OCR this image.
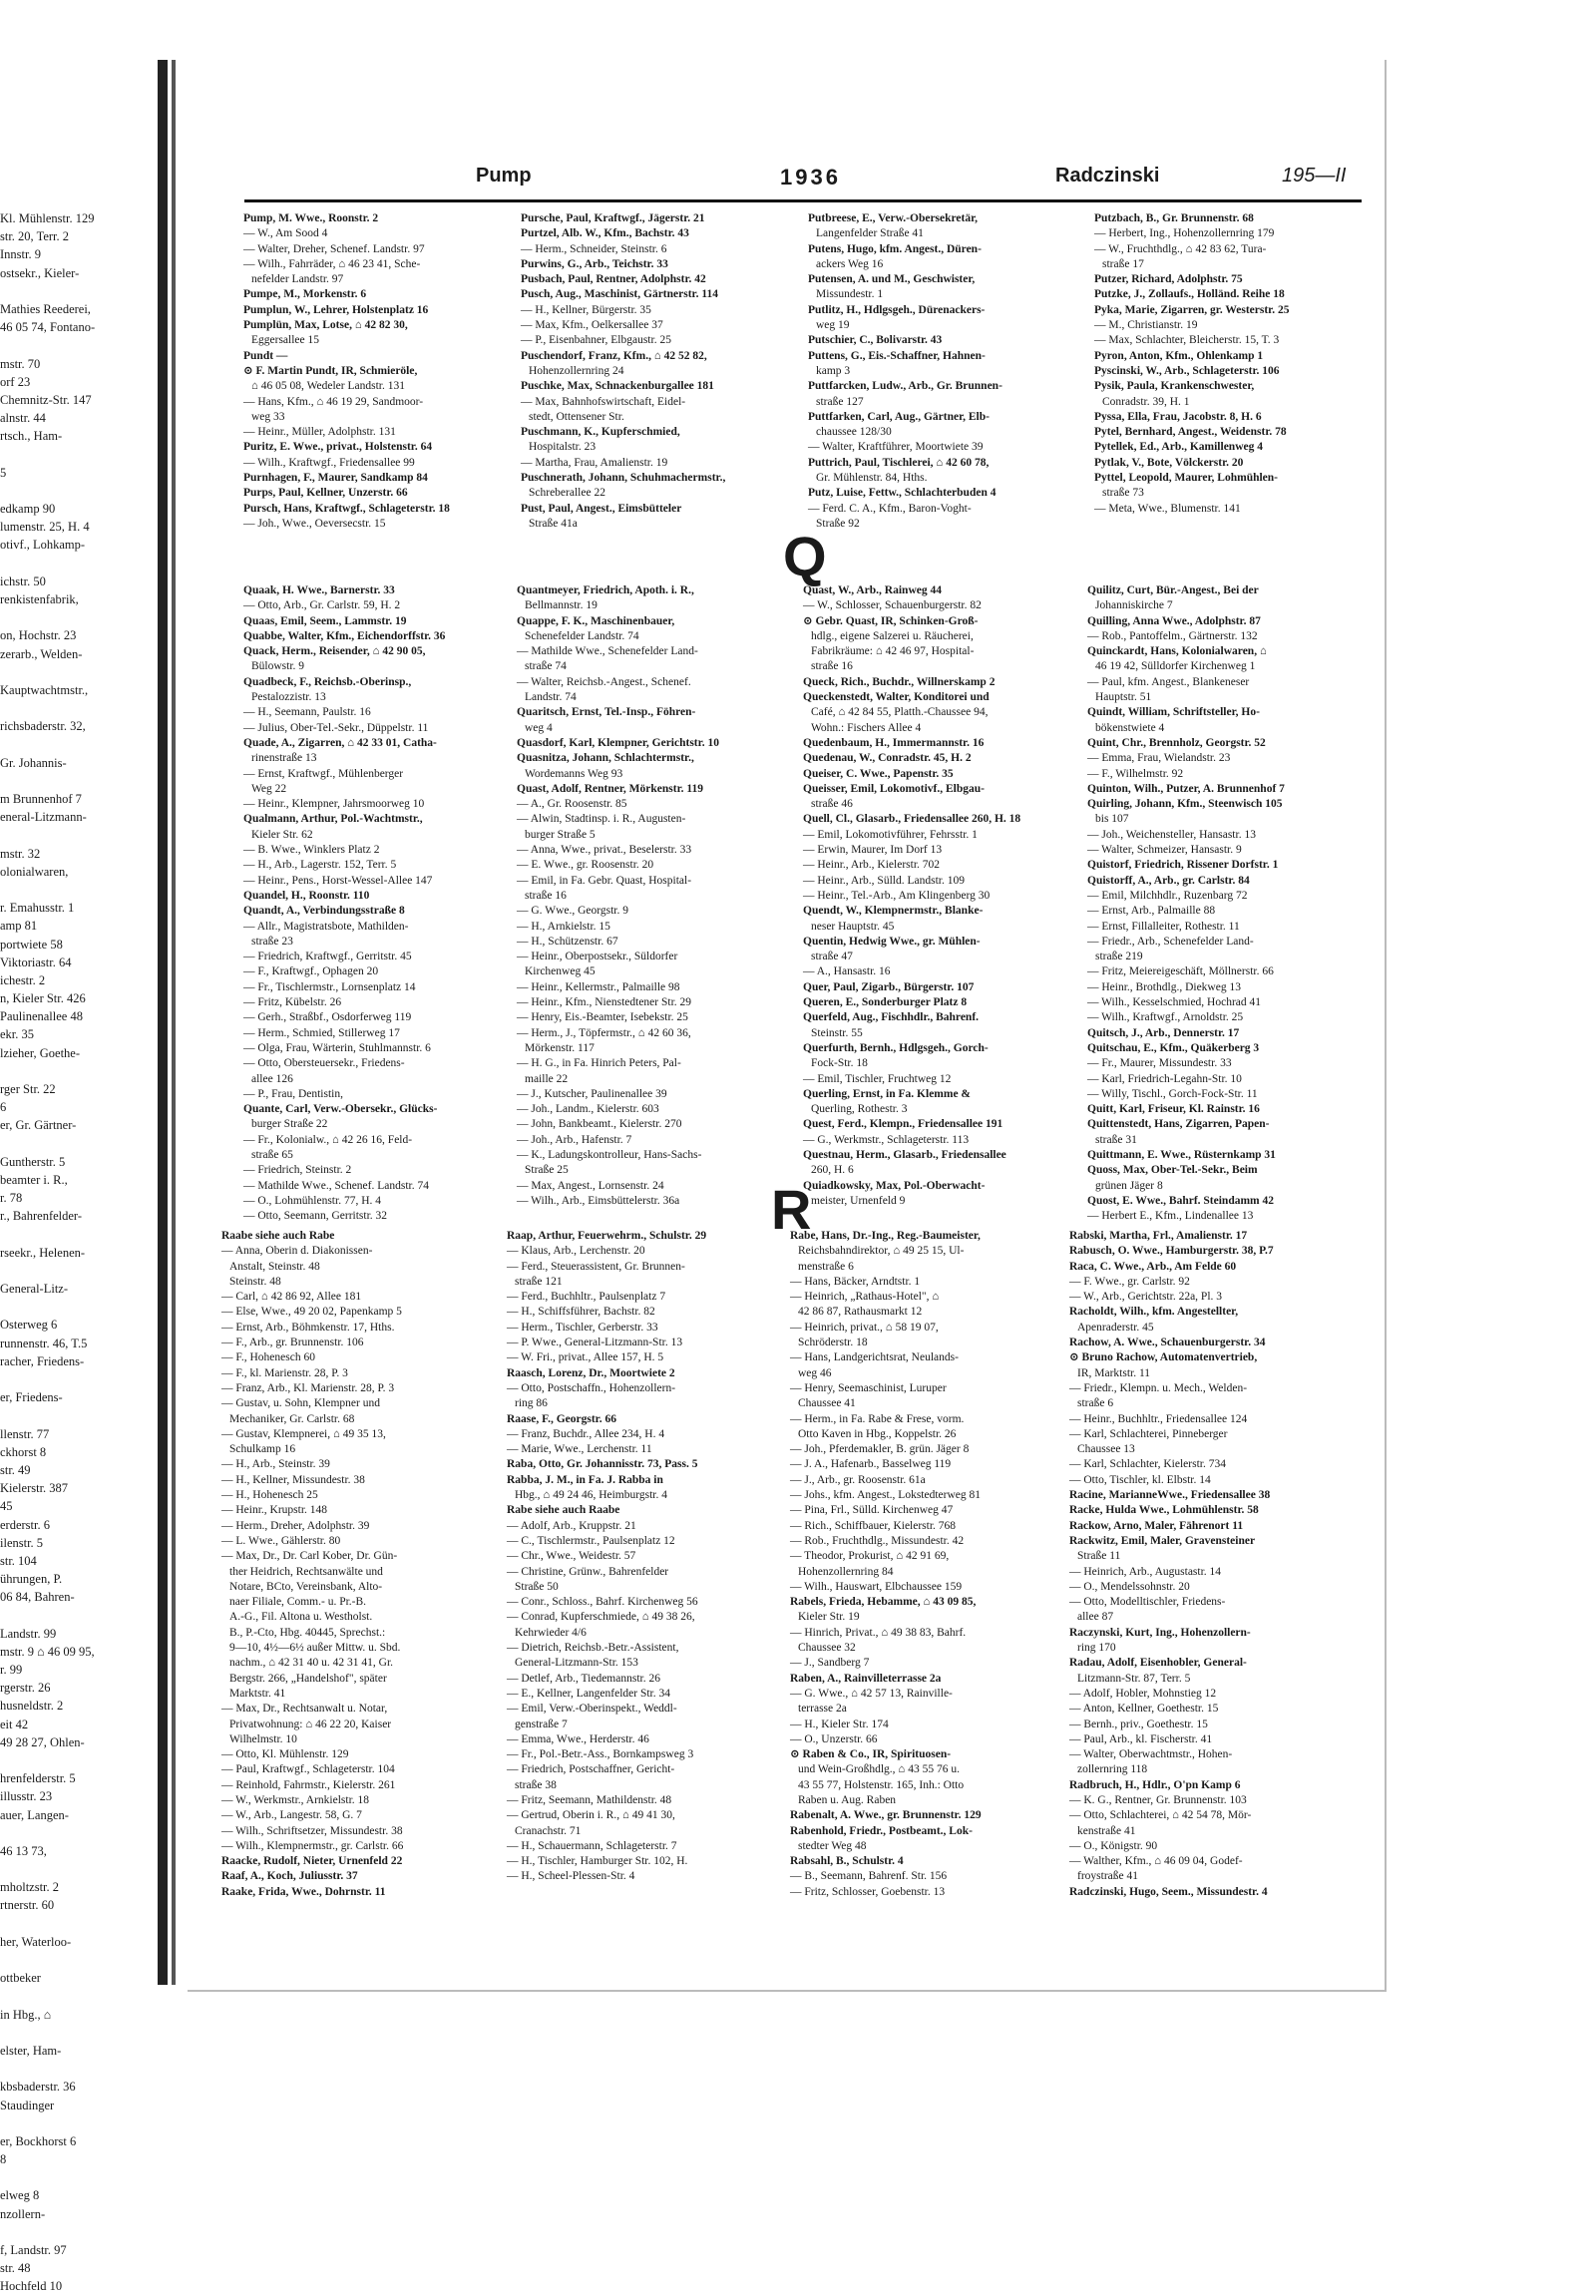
Kl. Mühlenstr. 129
str. 20, Terr. 2
Innstr. 9
ostsekr., Kieler-
Mathies Reederei,
46 05 74, Fontano-
mstr. 70
orf 23
Chemnitz-Str. 147
alnstr. 44
rtsch., Ham-
5
edkamp 90
lumenstr. 25, H. 4
otivf., Lohkamp-
ichstr. 50
renkistenfabrik,
on, Hochstr. 23
zerarb., Welden-
Kauptwachtmstr.,
richsbaderstr. 32,
Gr. Johannis-
m Brunnenhof 7
eneral-Litzmann-
mstr. 32
olonialwaren,
r. Emahusstr. 1
amp 81
portwiete 58
Viktoriastr. 64
ichestr. 2
n, Kieler Str. 426
Paulinenallee 48
ekr. 35
lzieher, Goethe-
rger Str. 22
6
er, Gr. Gärtner-
Guntherstr. 5
beamter i. R.,
r. 78
r., Bahrenfelder-
rseekr., Helenen-
General-Litz-
Osterweg 6
runnenstr. 46, T.5
racher, Friedens-
er, Friedens-
llenstr. 77
ckhorst 8
str. 49
Kielerstr. 387
45
erderstr. 6
ilenstr. 5
str. 104
ührungen, P.
06 84, Bahren-
Landstr. 99
mstr. 9 ⌂ 46 09 95,
r. 99
rgerstr. 26
husneldstr. 2
eit 42
49 28 27, Ohlen-
hrenfelderstr. 5
illusstr. 23
auer, Langen-
46 13 73,
mholtzstr. 2
rtnerstr. 60
her, Waterloo-
ottbeker
in Hbg., ⌂
elster, Ham-
kbsbaderstr. 36
Staudinger
er, Bockhorst 6
8
elweg 8
nzollern-
f, Landstr. 97
str. 48
Hochfeld 10
Pump	1936	Radczinski	195—II
Pump, M. Wwe., Roonstr. 2
— W., Am Sood 4
— Walter, Dreher, Schenef. Landstr. 97
— Wilh., Fahrräder, ⌂ 46 23 41, Sche-
nefelder Landstr. 97
Pumpe, M., Morkenstr. 6
Pumplun, W., Lehrer, Holstenplatz 16
Pumplün, Max, Lotse, ⌂ 42 82 30,
Eggersallee 15
Pundt —
⊙ F. Martin Pundt, IR, Schmieröle,
⌂ 46 05 08, Wedeler Landstr. 131
— Hans, Kfm., ⌂ 46 19 29, Sandmoor-
weg 33
— Heinr., Müller, Adolphstr. 131
Puritz, E. Wwe., privat., Holstenstr. 64
— Wilh., Kraftwgf., Friedensallee 99
Purnhagen, F., Maurer, Sandkamp 84
Purps, Paul, Kellner, Unzerstr. 66
Pursch, Hans, Kraftwgf., Schlageterstr. 18
— Joh., Wwe., Oeversecstr. 15
Pursche, Paul, Kraftwgf., Jägerstr. 21
Purtzel, Alb. W., Kfm., Bachstr. 43
— Herm., Schneider, Steinstr. 6
Purwins, G., Arb., Teichstr. 33
Pusbach, Paul, Rentner, Adolphstr. 42
Pusch, Aug., Maschinist, Gärtnerstr. 114
— H., Kellner, Bürgerstr. 35
— Max, Kfm., Oelkersallee 37
— P., Eisenbahner, Elbgaustr. 25
Puschendorf, Franz, Kfm., ⌂ 42 52 82,
Hohenzollernring 24
Puschke, Max, Schnackenburgallee 181
— Max, Bahnhofswirtschaft, Eidel-
stedt, Ottensener Str.
Puschmann, K., Kupferschmied,
Hospitalstr. 23
— Martha, Frau, Amalienstr. 19
Puschnerath, Johann, Schuhmachermstr.,
Schreberallee 22
Pust, Paul, Angest., Eimsbütteler
Straße 41a
Putbreese, E., Verw.-Obersekretär,
Langenfelder Straße 41
Putens, Hugo, kfm. Angest., Düren-
ackers Weg 16
Putensen, A. und M., Geschwister,
Missundestr. 1
Putlitz, H., Hdlgsgeh., Dürenackers-
weg 19
Putschier, C., Bolivarstr. 43
Puttens, G., Eis.-Schaffner, Hahnen-
kamp 3
Puttfarcken, Ludw., Arb., Gr. Brunnen-
straße 127
Puttfarken, Carl, Aug., Gärtner, Elb-
chaussee 128/30
— Walter, Kraftführer, Moortwiete 39
Puttrich, Paul, Tischlerei, ⌂ 42 60 78,
Gr. Mühlenstr. 84, Hths.
Putz, Luise, Fettw., Schlachterbuden 4
— Ferd. C. A., Kfm., Baron-Voght-
Straße 92
Putzbach, B., Gr. Brunnenstr. 68
— Herbert, Ing., Hohenzollernring 179
— W., Fruchthdlg., ⌂ 42 83 62, Tura-
straße 17
Putzer, Richard, Adolphstr. 75
Putzke, J., Zollaufs., Holländ. Reihe 18
Pyka, Marie, Zigarren, gr. Westerstr. 25
— M., Christianstr. 19
— Max, Schlachter, Bleicherstr. 15, T. 3
Pyron, Anton, Kfm., Ohlenkamp 1
Pyscinski, W., Arb., Schlageterstr. 106
Pysik, Paula, Krankenschwester,
Conradstr. 39, H. 1
Pyssa, Ella, Frau, Jacobstr. 8, H. 6
Pytel, Bernhard, Angest., Weidenstr. 78
Pytellek, Ed., Arb., Kamillenweg 4
Pytlak, V., Bote, Völckerstr. 20
Pyttel, Leopold, Maurer, Lohmühlen-
straße 73
— Meta, Wwe., Blumenstr. 141
Q
Quaak, H. Wwe., Barnerstr. 33
— Otto, Arb., Gr. Carlstr. 59, H. 2
Quaas, Emil, Seem., Lammstr. 19
Quabbe, Walter, Kfm., Eichendorffstr. 36
Quack, Herm., Reisender, ⌂ 42 90 05,
Bülowstr. 9
Quadbeck, F., Reichsb.-Oberinsp.,
Pestalozzistr. 13
— H., Seemann, Paulstr. 16
— Julius, Ober-Tel.-Sekr., Düppelstr. 11
Quade, A., Zigarren, ⌂ 42 33 01, Catha-
rinenstraße 13
— Ernst, Kraftwgf., Mühlenberger
Weg 22
— Heinr., Klempner, Jahrsmoorweg 10
Qualmann, Arthur, Pol.-Wachtmstr.,
Kieler Str. 62
— B. Wwe., Winklers Platz 2
— H., Arb., Lagerstr. 152, Terr. 5
— Heinr., Pens., Horst-Wessel-Allee 147
Quandel, H., Roonstr. 110
Quandt, A., Verbindungsstraße 8
— Allr., Magistratsbote, Mathilden-
straße 23
— Friedrich, Kraftwgf., Gerritstr. 45
— F., Kraftwgf., Ophagen 20
— Fr., Tischlermstr., Lornsenplatz 14
— Fritz, Kübelstr. 26
— Gerh., Straßbf., Osdorferweg 119
— Herm., Schmied, Stillerweg 17
— Olga, Frau, Wärterin, Stuhlmannstr. 6
— Otto, Obersteuersekr., Friedens-
allee 126
— P., Frau, Dentistin,
Quante, Carl, Verw.-Obersekr., Glücks-
burger Straße 22
— Fr., Kolonialw., ⌂ 42 26 16, Feld-
straße 65
— Friedrich, Steinstr. 2
— Mathilde Wwe., Schenef. Landstr. 74
— O., Lohmühlenstr. 77, H. 4
— Otto, Seemann, Gerritstr. 32
Quantmeyer, Friedrich, Apoth. i. R.,
Bellmannstr. 19
Quappe, F. K., Maschinenbauer,
Schenefelder Landstr. 74
— Mathilde Wwe., Schenefelder Land-
straße 74
— Walter, Reichsb.-Angest., Schenef.
Landstr. 74
Quaritsch, Ernst, Tel.-Insp., Föhren-
weg 4
Quasdorf, Karl, Klempner, Gerichtstr. 10
Quasnitza, Johann, Schlachtermstr.,
Wordemanns Weg 93
Quast, Adolf, Rentner, Mörkenstr. 119
— A., Gr. Roosenstr. 85
— Alwin, Stadtinsp. i. R., Augusten-
burger Straße 5
— Anna, Wwe., privat., Beselerstr. 33
— E. Wwe., gr. Roosenstr. 20
— Emil, in Fa. Gebr. Quast, Hospital-
straße 16
— G. Wwe., Georgstr. 9
— H., Arnkielstr. 15
— H., Schützenstr. 67
— Heinr., Oberpostsekr., Süldorfer
Kirchenweg 45
— Heinr., Kellermstr., Palmaille 98
— Heinr., Kfm., Nienstedtener Str. 29
— Henry, Eis.-Beamter, Isebekstr. 25
— Herm., J., Töpfermstr., ⌂ 42 60 36,
Mörkenstr. 117
— H. G., in Fa. Hinrich Peters, Pal-
maille 22
— J., Kutscher, Paulinenallee 39
— Joh., Landm., Kielerstr. 603
— John, Bankbeamt., Kielerstr. 270
— Joh., Arb., Hafenstr. 7
— K., Ladungskontrolleur, Hans-Sachs-
Straße 25
— Max, Angest., Lornsenstr. 24
— Wilh., Arb., Eimsbüttelerstr. 36a
Quast, W., Arb., Rainweg 44
— W., Schlosser, Schauenburgerstr. 82
⊙ Gebr. Quast, IR, Schinken-Groß-
hdlg., eigene Salzerei u. Räucherei,
Fabrikräume: ⌂ 42 46 97, Hospital-
straße 16
Queck, Rich., Buchdr., Willnerskamp 2
Queckenstedt, Walter, Konditorei und
Café, ⌂ 42 84 55, Platth.-Chaussee 94,
Wohn.: Fischers Allee 4
Quedenbaum, H., Immermannstr. 16
Quedenau, W., Conradstr. 45, H. 2
Queiser, C. Wwe., Papenstr. 35
Queisser, Emil, Lokomotivf., Elbgau-
straße 46
Quell, Cl., Glasarb., Friedensallee 260, H. 18
— Emil, Lokomotivführer, Fehrsstr. 1
— Erwin, Maurer, Im Dorf 13
— Heinr., Arb., Kielerstr. 702
— Heinr., Arb., Sülld. Landstr. 109
— Heinr., Tel.-Arb., Am Klingenberg 30
Quendt, W., Klempnermstr., Blanke-
neser Hauptstr. 45
Quentin, Hedwig Wwe., gr. Mühlen-
straße 47
— A., Hansastr. 16
Quer, Paul, Zigarb., Bürgerstr. 107
Queren, E., Sonderburger Platz 8
Querfeld, Aug., Fischhdlr., Bahrenf.
Steinstr. 55
Querfurth, Bernh., Hdlgsgeh., Gorch-
Fock-Str. 18
— Emil, Tischler, Fruchtweg 12
Querling, Ernst, in Fa. Klemme &
Querling, Rothestr. 3
Quest, Ferd., Klempn., Friedensallee 191
— G., Werkmstr., Schlageterstr. 113
Questnau, Herm., Glasarb., Friedensallee
260, H. 6
Quiadkowsky, Max, Pol.-Oberwacht-
meister, Urnenfeld 9
Quilitz, Curt, Bür.-Angest., Bei der
Johanniskirche 7
Quilling, Anna Wwe., Adolphstr. 87
— Rob., Pantoffelm., Gärtnerstr. 132
Quinckardt, Hans, Kolonialwaren, ⌂
46 19 42, Sülldorfer Kirchenweg 1
— Paul, kfm. Angest., Blankeneser
Hauptstr. 51
Quindt, William, Schriftsteller, Ho-
bökenstwiete 4
Quint, Chr., Brennholz, Georgstr. 52
— Emma, Frau, Wielandstr. 23
— F., Wilhelmstr. 92
Quinton, Wilh., Putzer, A. Brunnenhof 7
Quirling, Johann, Kfm., Steenwisch 105
bis 107
— Joh., Weichensteller, Hansastr. 13
— Walter, Schmeizer, Hansastr. 9
Quistorf, Friedrich, Rissener Dorfstr. 1
Quistorff, A., Arb., gr. Carlstr. 84
— Emil, Milchhdlr., Ruzenbarg 72
— Ernst, Arb., Palmaille 88
— Ernst, Fillalleiter, Rothestr. 11
— Friedr., Arb., Schenefelder Land-
straße 219
— Fritz, Meiereigeschäft, Möllnerstr. 66
— Heinr., Brothdlg., Diekweg 13
— Wilh., Kesselschmied, Hochrad 41
— Wilh., Kraftwgf., Arnoldstr. 25
Quitsch, J., Arb., Dennerstr. 17
Quitschau, E., Kfm., Quäkerberg 3
— Fr., Maurer, Missundestr. 33
— Karl, Friedrich-Legahn-Str. 10
— Willy, Tischl., Gorch-Fock-Str. 11
Quitt, Karl, Friseur, Kl. Rainstr. 16
Quittenstedt, Hans, Zigarren, Papen-
straße 31
Quittmann, E. Wwe., Rüsternkamp 31
Quoss, Max, Ober-Tel.-Sekr., Beim
grünen Jäger 8
Quost, E. Wwe., Bahrf. Steindamm 42
— Herbert E., Kfm., Lindenallee 13
R
Raabe siehe auch Rabe
— Anna, Oberin d. Diakonissen-
Anstalt, Steinstr. 48
Steinstr. 48
— Carl, ⌂ 42 86 92, Allee 181
— Else, Wwe., 49 20 02, Papenkamp 5
— Ernst, Arb., Böhmkenstr. 17, Hths.
— F., Arb., gr. Brunnenstr. 106
— F., Hohenesch 60
— F., kl. Marienstr. 28, P. 3
— Franz, Arb., Kl. Marienstr. 28, P. 3
— Gustav, u. Sohn, Klempner und
Mechaniker, Gr. Carlstr. 68
— Gustav, Klempnerei, ⌂ 49 35 13,
Schulkamp 16
— H., Arb., Steinstr. 39
— H., Kellner, Missundestr. 38
— H., Hohenesch 25
— Heinr., Krupstr. 148
— Herm., Dreher, Adolphstr. 39
— L. Wwe., Gählerstr. 80
— Max, Dr., Dr. Carl Kober, Dr. Gün-
ther Heidrich, Rechtsanwälte und
Notare, BCto, Vereinsbank, Alto-
naer Filiale, Comm.- u. Pr.-B.
A.-G., Fil. Altona u. Westholst.
B., P.-Cto, Hbg. 40445, Sprechst.:
9—10, 4½—6½ außer Mittw. u. Sbd.
nachm., ⌂ 42 31 40 u. 42 31 41, Gr.
Bergstr. 266, „Handelshof", später
Marktstr. 41
— Max, Dr., Rechtsanwalt u. Notar,
Privatwohnung: ⌂ 46 22 20, Kaiser
Wilhelmstr. 10
— Otto, Kl. Mühlenstr. 129
— Paul, Kraftwgf., Schlageterstr. 104
— Reinhold, Fahrmstr., Kielerstr. 261
— W., Werkmstr., Arnkielstr. 18
— W., Arb., Langestr. 58, G. 7
— Wilh., Schriftsetzer, Missundestr. 38
— Wilh., Klempnermstr., gr. Carlstr. 66
Raacke, Rudolf, Nieter, Urnenfeld 22
Raaf, A., Koch, Juliusstr. 37
Raake, Frida, Wwe., Dohrnstr. 11
Raap, Arthur, Feuerwehrm., Schulstr. 29
— Klaus, Arb., Lerchenstr. 20
— Ferd., Steuerassistent, Gr. Brunnen-
straße 121
— Ferd., Buchhltr., Paulsenplatz 7
— H., Schiffsführer, Bachstr. 82
— Herm., Tischler, Gerberstr. 33
— P. Wwe., General-Litzmann-Str. 13
— W. Fri., privat., Allee 157, H. 5
Raasch, Lorenz, Dr., Moortwiete 2
— Otto, Postschaffn., Hohenzollern-
ring 86
Raase, F., Georgstr. 66
— Franz, Buchdr., Allee 234, H. 4
— Marie, Wwe., Lerchenstr. 11
Raba, Otto, Gr. Johannisstr. 73, Pass. 5
Rabba, J. M., in Fa. J. Rabba in
Hbg., ⌂ 49 24 46, Heimburgstr. 4
Rabe siehe auch Raabe
— Adolf, Arb., Kruppstr. 21
— C., Tischlermstr., Paulsenplatz 12
— Chr., Wwe., Weidestr. 57
— Christine, Grünw., Bahrenfelder
Straße 50
— Conr., Schloss., Bahrf. Kirchenweg 56
— Conrad, Kupferschmiede, ⌂ 49 38 26,
Kehrwieder 4/6
— Dietrich, Reichsb.-Betr.-Assistent,
General-Litzmann-Str. 153
— Detlef, Arb., Tiedemannstr. 26
— E., Kellner, Langenfelder Str. 34
— Emil, Verw.-Oberinspekt., Weddl-
genstraße 7
— Emma, Wwe., Herderstr. 46
— Fr., Pol.-Betr.-Ass., Bornkampsweg 3
— Friedrich, Postschaffner, Gericht-
straße 38
— Fritz, Seemann, Mathildenstr. 48
— Gertrud, Oberin i. R., ⌂ 49 41 30,
Cranachstr. 71
— H., Schauermann, Schlageterstr. 7
— H., Tischler, Hamburger Str. 102, H.
— H., Scheel-Plessen-Str. 4
Rabe, Hans, Dr.-Ing., Reg.-Baumeister,
Reichsbahndirektor, ⌂ 49 25 15, Ul-
menstraße 6
— Hans, Bäcker, Arndtstr. 1
— Heinrich, „Rathaus-Hotel", ⌂
42 86 87, Rathausmarkt 12
— Heinrich, privat., ⌂ 58 19 07,
Schröderstr. 18
— Hans, Landgerichtsrat, Neulands-
weg 46
— Henry, Seemaschinist, Luruper
Chaussee 41
— Herm., in Fa. Rabe & Frese, vorm.
Otto Kaven in Hbg., Koppelstr. 26
— Joh., Pferdemakler, B. grün. Jäger 8
— J. A., Hafenarb., Basselweg 119
— J., Arb., gr. Roosenstr. 61a
— Johs., kfm. Angest., Lokstedterweg 81
— Pina, Frl., Sülld. Kirchenweg 47
— Rich., Schiffbauer, Kielerstr. 768
— Rob., Fruchthdlg., Missundestr. 42
— Theodor, Prokurist, ⌂ 42 91 69,
Hohenzollernring 84
— Wilh., Hauswart, Elbchaussee 159
Rabels, Frieda, Hebamme, ⌂ 43 09 85,
Kieler Str. 19
— Hinrich, Privat., ⌂ 49 38 83, Bahrf.
Chaussee 32
— J., Sandberg 7
Raben, A., Rainvilleterrasse 2a
— G. Wwe., ⌂ 42 57 13, Rainville-
terrasse 2a
— H., Kieler Str. 174
— O., Unzerstr. 66
⊙ Raben & Co., IR, Spirituosen-
und Wein-Großhdlg., ⌂ 43 55 76 u.
43 55 77, Holstenstr. 165, Inh.: Otto
Raben u. Aug. Raben
Rabenalt, A. Wwe., gr. Brunnenstr. 129
Rabenhold, Friedr., Postbeamt., Lok-
stedter Weg 48
Rabsahl, B., Schulstr. 4
— B., Seemann, Bahrenf. Str. 156
— Fritz, Schlosser, Goebenstr. 13
Rabski, Martha, Frl., Amalienstr. 17
Rabusch, O. Wwe., Hamburgerstr. 38, P.7
Raca, C. Wwe., Arb., Am Felde 60
— F. Wwe., gr. Carlstr. 92
— W., Arb., Gerichtstr. 22a, Pl. 3
Racholdt, Wilh., kfm. Angestellter,
Apenraderstr. 45
Rachow, A. Wwe., Schauenburgerstr. 34
⊙ Bruno Rachow, Automatenvertrieb,
IR, Marktstr. 11
— Friedr., Klempn. u. Mech., Welden-
straße 6
— Heinr., Buchhltr., Friedensallee 124
— Karl, Schlachterei, Pinneberger
Chaussee 13
— Karl, Schlachter, Kielerstr. 734
— Otto, Tischler, kl. Elbstr. 14
Racine, MarianneWwe., Friedensallee 38
Racke, Hulda Wwe., Lohmühlenstr. 58
Rackow, Arno, Maler, Fährenort 11
Rackwitz, Emil, Maler, Gravensteiner
Straße 11
— Heinrich, Arb., Augustastr. 14
— O., Mendelssohnstr. 20
— Otto, Modelltischler, Friedens-
allee 87
Raczynski, Kurt, Ing., Hohenzollern-
ring 170
Radau, Adolf, Eisenhobler, General-
Litzmann-Str. 87, Terr. 5
— Adolf, Hobler, Mohnstieg 12
— Anton, Kellner, Goethestr. 15
— Bernh., priv., Goethestr. 15
— Paul, Arb., kl. Fischerstr. 41
— Walter, Oberwachtmstr., Hohen-
zollernring 118
Radbruch, H., Hdlr., O'pn Kamp 6
— K. G., Rentner, Gr. Brunnenstr. 103
— Otto, Schlachterei, ⌂ 42 54 78, Mör-
kenstraße 41
— O., Königstr. 90
— Walther, Kfm., ⌂ 46 09 04, Godef-
froystraße 41
Radczinski, Hugo, Seem., Missundestr. 4
